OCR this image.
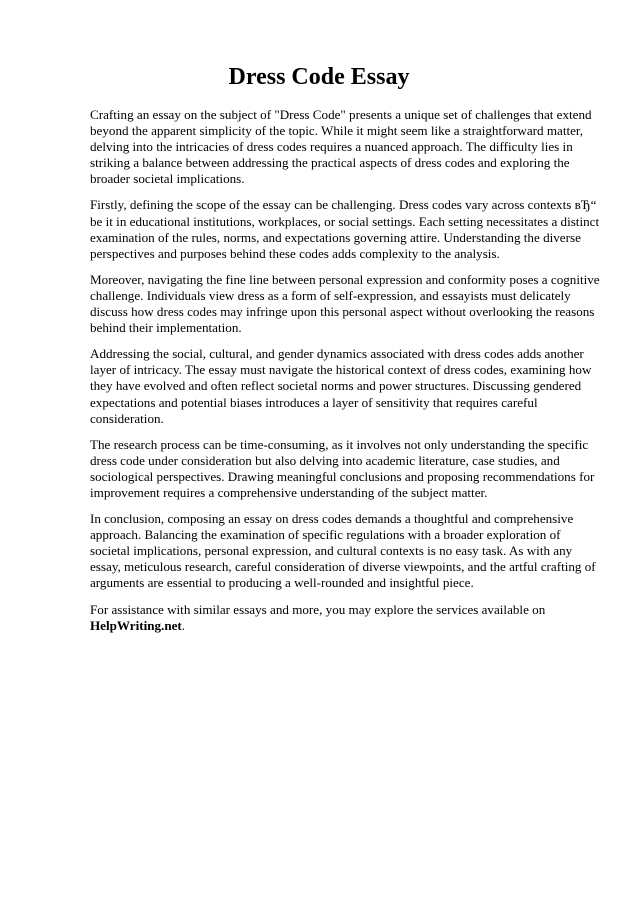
Dress Code Essay

Crafting an essay on the subject of "Dress Code" presents a unique set of challenges that extend beyond the apparent simplicity of the topic. While it might seem like a straightforward matter, delving into the intricacies of dress codes requires a nuanced approach. The difficulty lies in striking a balance between addressing the practical aspects of dress codes and exploring the broader societal implications.

Firstly, defining the scope of the essay can be challenging. Dress codes vary across contexts вЂ“ be it in educational institutions, workplaces, or social settings. Each setting necessitates a distinct examination of the rules, norms, and expectations governing attire. Understanding the diverse perspectives and purposes behind these codes adds complexity to the analysis.

Moreover, navigating the fine line between personal expression and conformity poses a cognitive challenge. Individuals view dress as a form of self-expression, and essayists must delicately discuss how dress codes may infringe upon this personal aspect without overlooking the reasons behind their implementation.

Addressing the social, cultural, and gender dynamics associated with dress codes adds another layer of intricacy. The essay must navigate the historical context of dress codes, examining how they have evolved and often reflect societal norms and power structures. Discussing gendered expectations and potential biases introduces a layer of sensitivity that requires careful consideration.

The research process can be time-consuming, as it involves not only understanding the specific dress code under consideration but also delving into academic literature, case studies, and sociological perspectives. Drawing meaningful conclusions and proposing recommendations for improvement requires a comprehensive understanding of the subject matter.

In conclusion, composing an essay on dress codes demands a thoughtful and comprehensive approach. Balancing the examination of specific regulations with a broader exploration of societal implications, personal expression, and cultural contexts is no easy task. As with any essay, meticulous research, careful consideration of diverse viewpoints, and the artful crafting of arguments are essential to producing a well-rounded and insightful piece.

For assistance with similar essays and more, you may explore the services available on
HelpWriting.net.
